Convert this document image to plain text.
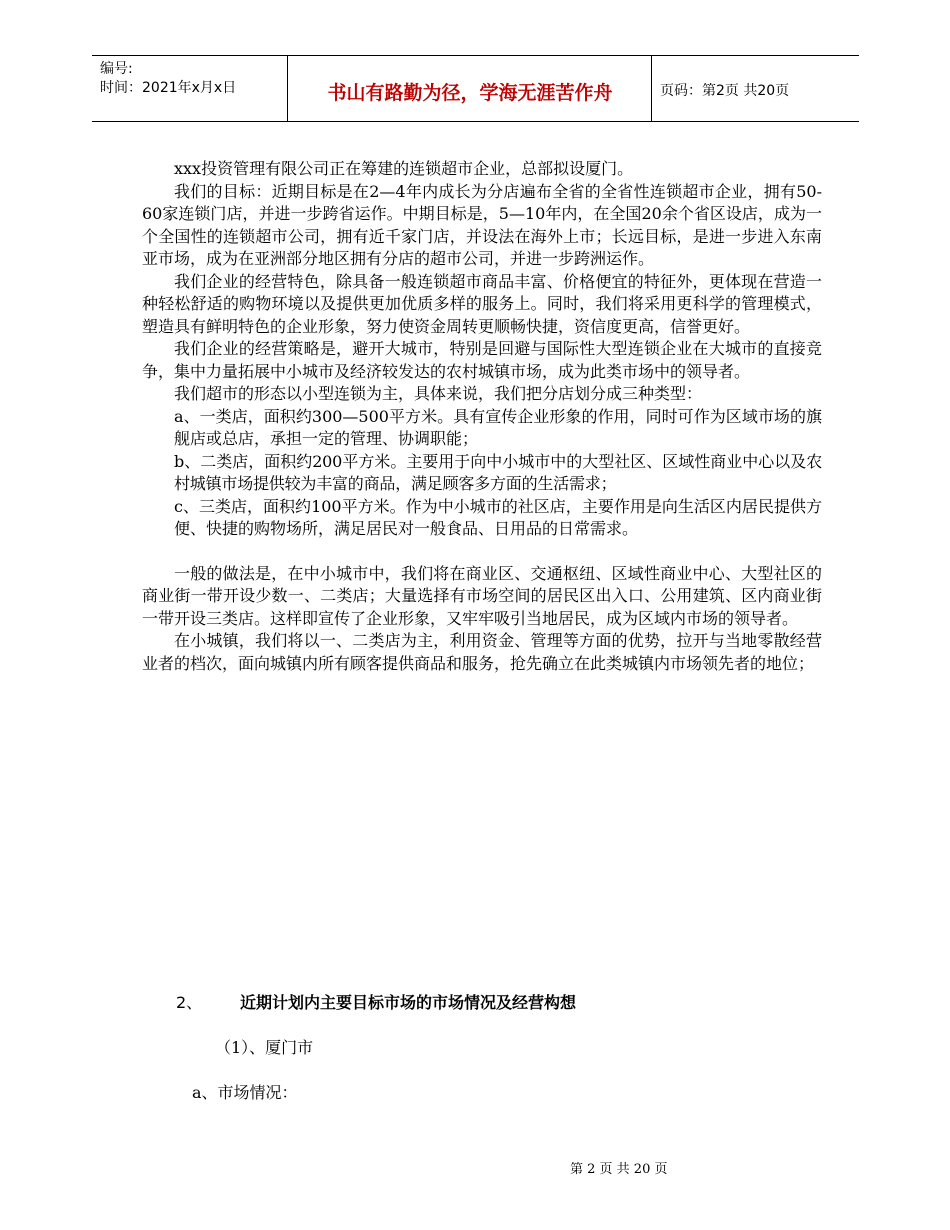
编号:
时间：2021年x月x日	书山有路勤为径，学海无涯苦作舟	页码：第2页 共20页

xxx投资管理有限公司正在筹建的连锁超市企业，总部拟设厦门。

我们的目标：近期目标是在2—4年内成长为分店遍布全省的全省性连锁超市企业，拥有50-60家连锁门店，并进一步跨省运作。中期目标是，5—10年内，在全国20余个省区设店，成为一个全国性的连锁超市公司，拥有近千家门店，并设法在海外上市；长远目标，是进一步进入东南亚市场，成为在亚洲部分地区拥有分店的超市公司，并进一步跨洲运作。

我们企业的经营特色，除具备一般连锁超市商品丰富、价格便宜的特征外，更体现在营造一种轻松舒适的购物环境以及提供更加优质多样的服务上。同时，我们将采用更科学的管理模式，塑造具有鲜明特色的企业形象，努力使资金周转更顺畅快捷，资信度更高，信誉更好。

我们企业的经营策略是，避开大城市，特别是回避与国际性大型连锁企业在大城市的直接竞争，集中力量拓展中小城市及经济较发达的农村城镇市场，成为此类市场中的领导者。

我们超市的形态以小型连锁为主，具体来说，我们把分店划分成三种类型：

a、一类店，面积约300—500平方米。具有宣传企业形象的作用，同时可作为区域市场的旗舰店或总店，承担一定的管理、协调职能；

b、二类店，面积约200平方米。主要用于向中小城市中的大型社区、区域性商业中心以及农村城镇市场提供较为丰富的商品，满足顾客多方面的生活需求；

c、三类店，面积约100平方米。作为中小城市的社区店，主要作用是向生活区内居民提供方便、快捷的购物场所，满足居民对一般食品、日用品的日常需求。

一般的做法是，在中小城市中，我们将在商业区、交通枢纽、区域性商业中心、大型社区的商业街一带开设少数一、二类店；大量选择有市场空间的居民区出入口、公用建筑、区内商业街一带开设三类店。这样即宣传了企业形象，又牢牢吸引当地居民，成为区域内市场的领导者。

在小城镇，我们将以一、二类店为主，利用资金、管理等方面的优势，拉开与当地零散经营业者的档次，面向城镇内所有顾客提供商品和服务，抢先确立在此类城镇内市场领先者的地位；

2、 近期计划内主要目标市场的市场情况及经营构想
（1）、厦门市
a、市场情况：
第 2 页 共 20 页
